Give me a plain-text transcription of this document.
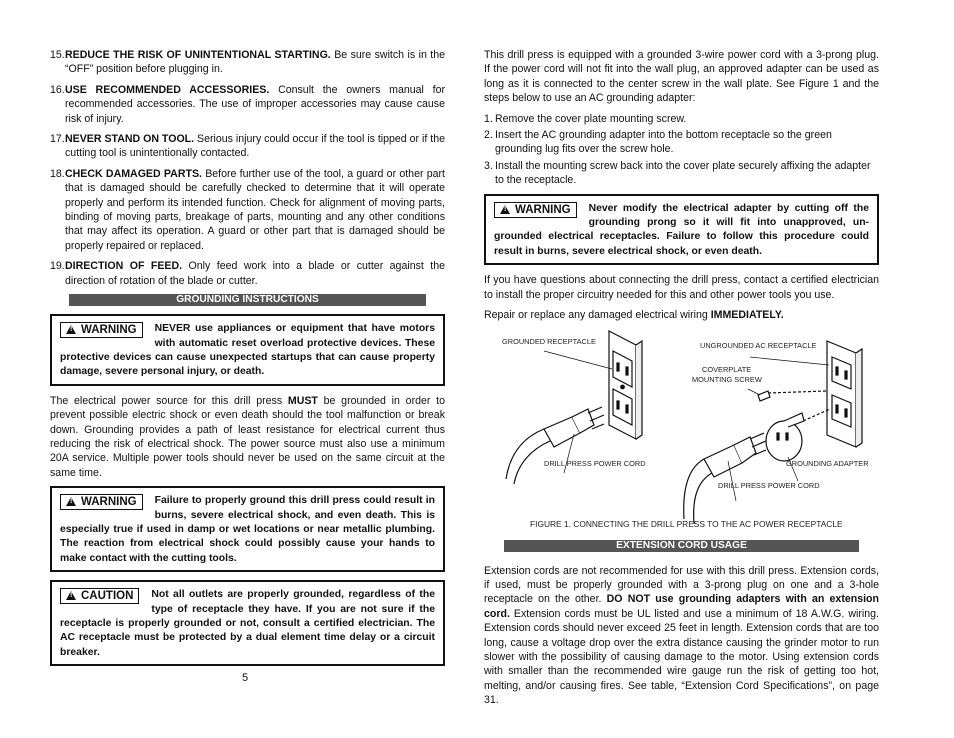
15. REDUCE THE RISK OF UNINTENTIONAL STARTING. Be sure switch is in the “OFF” position before plugging in.
16. USE RECOMMENDED ACCESSORIES. Consult the owners manual for recommended accessories. The use of improper accessories may cause cause risk of injury.
17. NEVER STAND ON TOOL. Serious injury could occur if the tool is tipped or if the cutting tool is unintentionally contacted.
18. CHECK DAMAGED PARTS. Before further use of the tool, a guard or other part that is damaged should be carefully checked to determine that it will operate properly and perform its intended function. Check for alignment of moving parts, binding of moving parts, breakage of parts, mounting and any other conditions that may affect its operation. A guard or other part that is damaged should be properly repaired or replaced.
19. DIRECTION OF FEED. Only feed work into a blade or cutter against the direction of rotation of the blade or cutter.
GROUNDING INSTRUCTIONS
! WARNING	NEVER use appliances or equipment that have motors with automatic reset overload protective devices. These protective devices can cause unexpected startups that can cause property damage, severe personal injury, or death.

The electrical power source for this drill press MUST be grounded in order to prevent possible electric shock or even death should the tool malfunction or break down. Grounding provides a path of least resistance for electrical current thus reducing the risk of electrical shock. The power source must also use a minimum 20A service. Multiple power tools should never be used on the same circuit at the same time.

! WARNING	Failure to properly ground this drill press could result in burns, severe electrical shock, and even death. This is especially true if used in damp or wet locations or near metallic plumbing. The reaction from electrical shock could possibly cause your hands to make contact with the cutting tools.
! CAUTION	Not all outlets are properly grounded, regardless of the type of receptacle they have. If you are not sure if the receptacle is properly grounded or not, consult a certified electrician. The AC receptacle must be protected by a dual element time delay or a circuit breaker.
5

This drill press is equipped with a grounded 3-wire power cord with a 3-prong plug. If the power cord will not fit into the wall plug, an approved adapter can be used as long as it is connected to the center screw in the wall plate. See Figure 1 and the steps below to use an AC grounding adapter:

1. Remove the cover plate mounting screw.
2. Insert the AC grounding adapter into the bottom receptacle so the green grounding lug fits over the screw hole.
3. Install the mounting screw back into the cover plate securely affixing the adapter to the receptacle.
! WARNING	Never modify the electrical adapter by cutting off the grounding prong so it will fit into unapproved, un-grounded electrical receptacles. Failure to follow this procedure could result in burns, severe electrical shock, or even death.

If you have questions about connecting the drill press, contact a certified electrician to install the proper circuitry needed for this and other power tools you use.

Repair or replace any damaged electrical wiring IMMEDIATELY.

GROUNDED RECEPTACLE	UNGROUNDED AC RECEPTACLE
COVERPLATE
MOUNTING SCREW
DRILL PRESS POWER CORD	GROUNDING ADAPTER
DRILL PRESS POWER CORD
FIGURE 1. CONNECTING THE DRILL PRESS TO THE AC POWER RECEPTACLE
EXTENSION CORD USAGE

Extension cords are not recommended for use with this drill press. Extension cords, if used, must be properly grounded with a 3-prong plug on one and a 3-hole receptacle on the other. DO NOT use grounding adapters with an extension cord. Extension cords must be UL listed and use a minimum of 18 A.W.G. wiring. Extension cords should never exceed 25 feet in length. Extension cords that are too long, cause a voltage drop over the extra distance causing the grinder motor to run slower with the possibility of causing damage to the motor. Using extension cords with smaller than the recommended wire gauge run the risk of getting too hot, melting, and/or causing fires. See table, “Extension Cord Specifications”, on page 31.
